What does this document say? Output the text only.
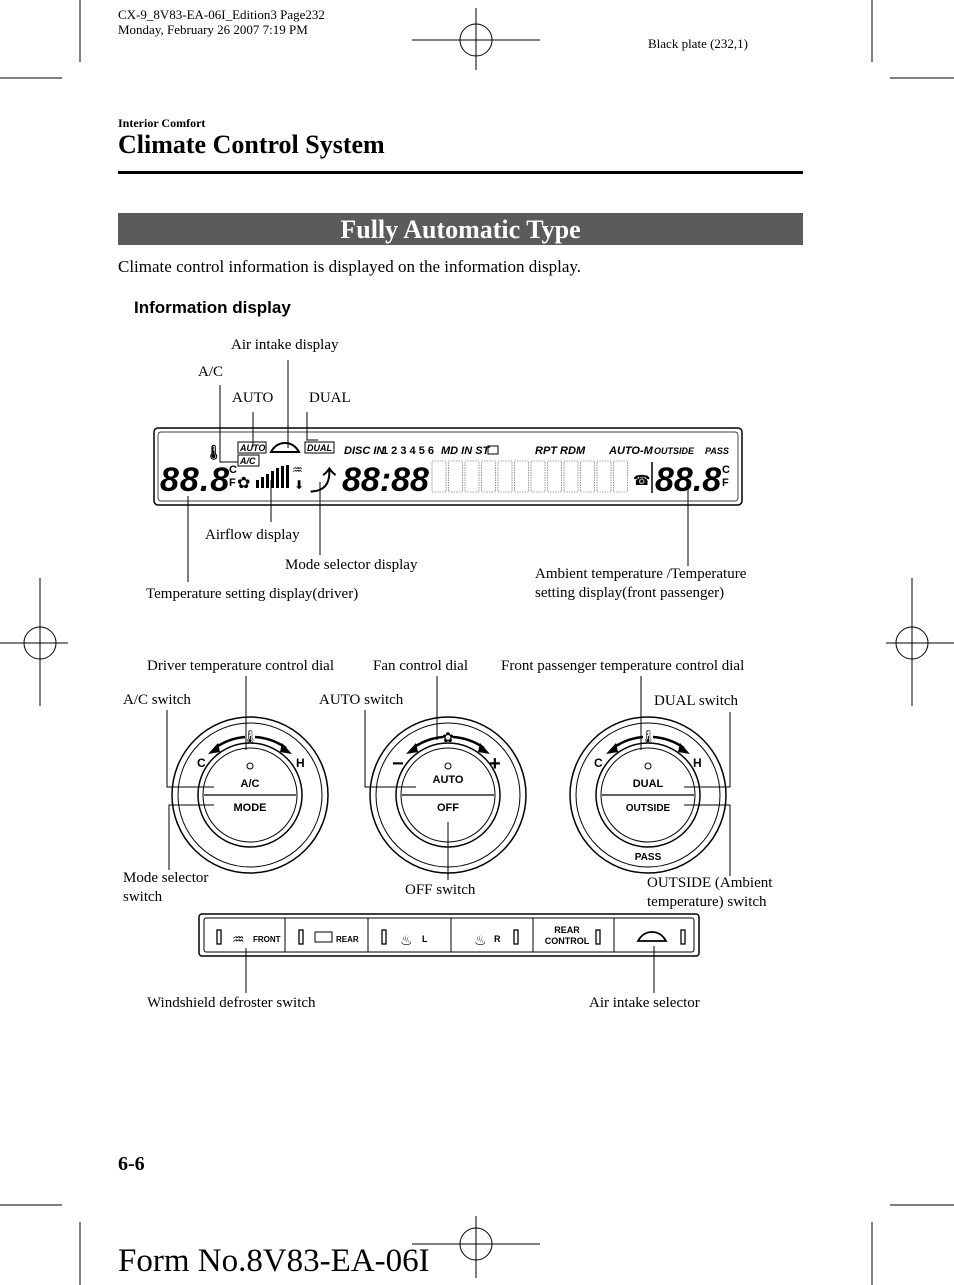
CX-9_8V83-EA-06I_Edition3 Page232
Monday, February 26 2007 7:19 PM
Black plate (232,1)
Interior Comfort
Climate Control System
Fully Automatic Type
Climate control information is displayed on the information display.
Information display
🌡 AUTO
A/C
DUAL
88.8
C
F ✿
♒
⬇ ⤴
DISC IN
1 2 3 4 5 6 MD IN ST	RPT RDM AUTO-M OUTSIDE PASS
88:88	☎ 88.8 C
F
🌡
C	H
A/C
MODE
✿
−	+
AUTO
OFF
🌡
C	H
DUAL
OUTSIDE
PASS
♒ FRONT	REAR	♨ L	♨ R
REAR
CONTROL
Air intake display
A/C
AUTO DUAL
Airflow display
Mode selector display
Temperature setting display(driver)
Ambient temperature /Temperature
setting display(front passenger)
Driver temperature control dial	Fan control dial Front passenger temperature control dial
A/C switch	AUTO switch	DUAL switch
Mode selector
switch	OFF switch	OUTSIDE (Ambient
temperature) switch
Windshield defroster switch	Air intake selector
6-6
Form No.8V83-EA-06I
